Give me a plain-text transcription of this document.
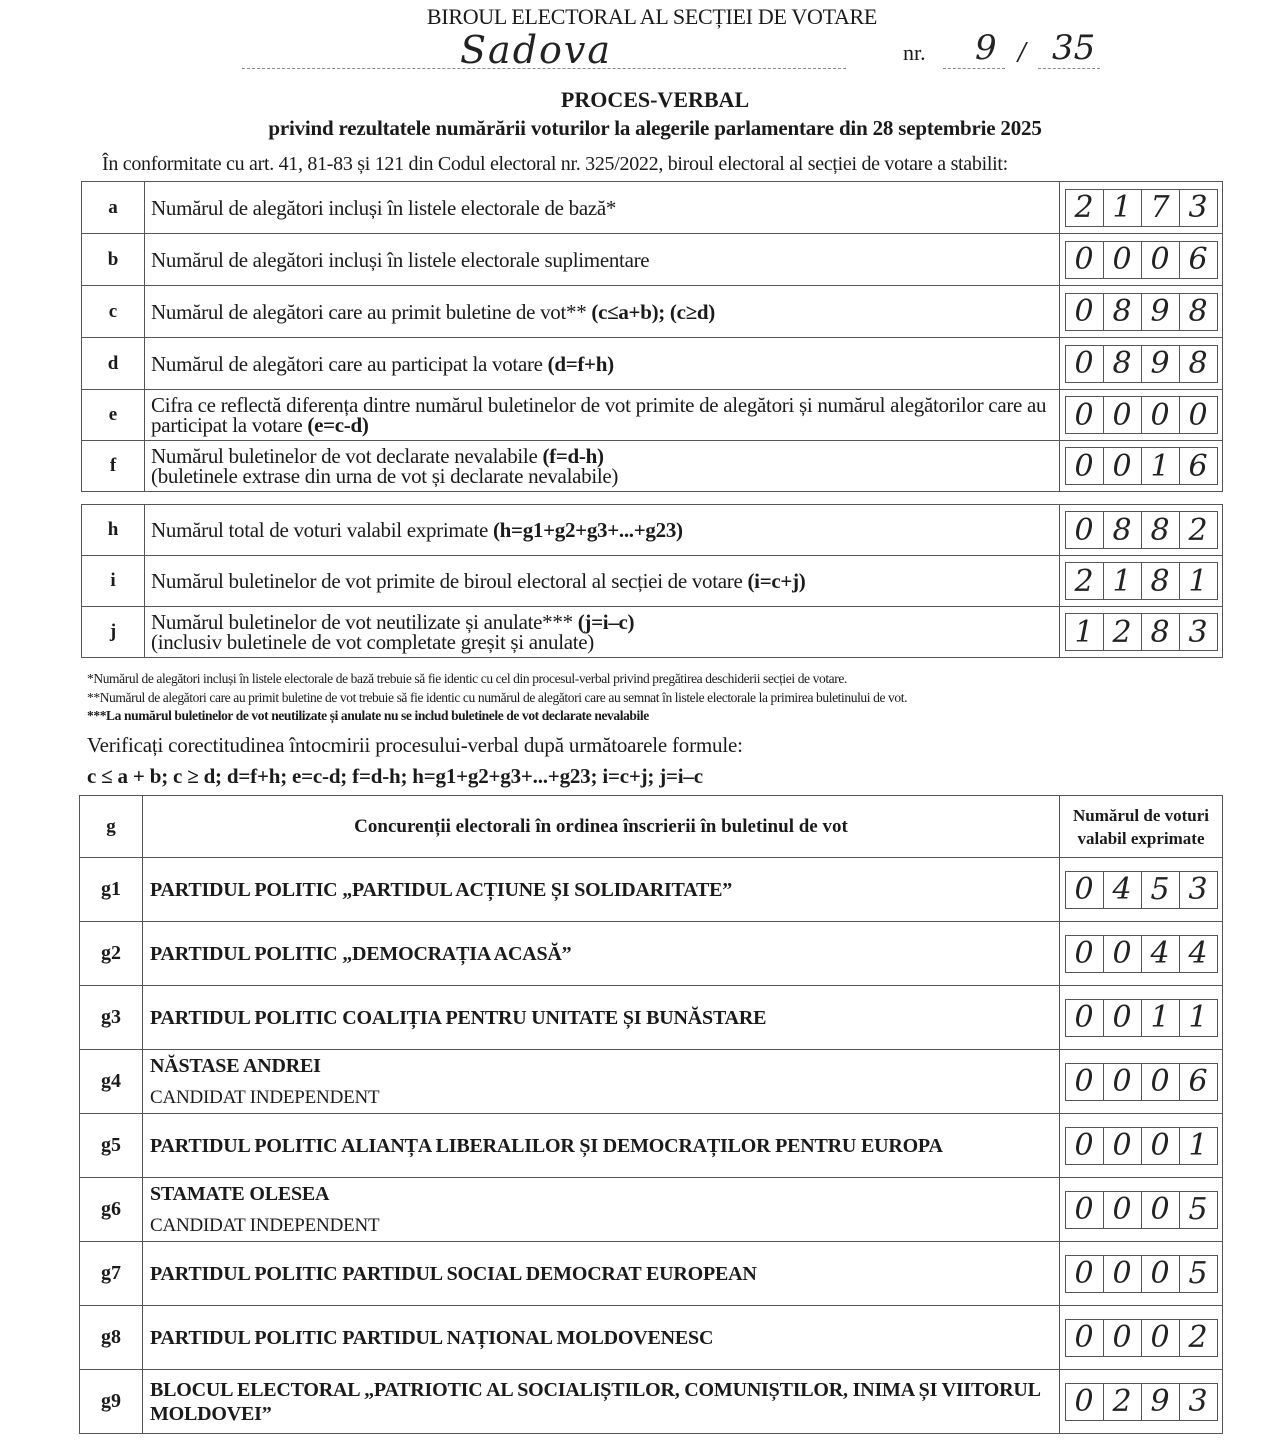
BIROUL ELECTORAL AL SECȚIEI DE VOTARE
Sadova	nr. 9 / 35
PROCES-VERBAL
privind rezultatele numărării voturilor la alegerile parlamentare din 28 septembrie 2025
În conformitate cu art. 41, 81-83 și 121 din Codul electoral nr. 325/2022, biroul electoral al secției de votare a stabilit:
a	Numărul de alegători incluși în listele electorale de bază*	2 1 7 3

b	Numărul de alegători incluși în listele electorale suplimentare	0 0 0 6

c	Numărul de alegători care au primit buletine de vot** (c≤a+b); (c≥d)	0 8 9 8

d	Numărul de alegători care au participat la votare (d=f+h)	0 8 9 8

e	Cifra ce reflectă diferența dintre numărul buletinelor de vot primite de alegători și numărul alegătorilor care au participat la votare (e=c-d)	0 0 0 0

f	Numărul buletinelor de vot declarate nevalabile (f=d-h)
(buletinele extrase din urna de vot și declarate nevalabile)	0 0 1 6
h	Numărul total de voturi valabil exprimate (h=g1+g2+g3+...+g23)	0 8 8 2

i	Numărul buletinelor de vot primite de biroul electoral al secției de votare (i=c+j)	2 1 8 1

j	Numărul buletinelor de vot neutilizate și anulate*** (j=i–c)
(inclusiv buletinele de vot completate greșit și anulate)	1 2 8 3
*Numărul de alegători incluși în listele electorale de bază trebuie să fie identic cu cel din procesul-verbal privind pregătirea deschiderii secției de votare.
**Numărul de alegători care au primit buletine de vot trebuie să fie identic cu numărul de alegători care au semnat în listele electorale la primirea buletinului de vot.
***La numărul buletinelor de vot neutilizate și anulate nu se includ buletinele de vot declarate nevalabile
Verificați corectitudinea întocmirii procesului-verbal după următoarele formule:
c ≤ a + b; c ≥ d; d=f+h; e=c-d; f=d-h; h=g1+g2+g3+...+g23; i=c+j; j=i–c
g	Concurenții electorali în ordinea înscrierii în buletinul de vot	Numărul de voturi valabil exprimate
g1	PARTIDUL POLITIC „PARTIDUL ACȚIUNE ȘI SOLIDARITATE”	0 4 5 3

g2	PARTIDUL POLITIC „DEMOCRAȚIA ACASĂ”	0 0 4 4

g3	PARTIDUL POLITIC COALIȚIA PENTRU UNITATE ȘI BUNĂSTARE	0 0 1 1

g4	NĂSTASE ANDREI
CANDIDAT INDEPENDENT	0 0 0 6

g5	PARTIDUL POLITIC ALIANȚA LIBERALILOR ȘI DEMOCRAȚILOR PENTRU EUROPA	0 0 0 1

g6	STAMATE OLESEA
CANDIDAT INDEPENDENT	0 0 0 5

g7	PARTIDUL POLITIC PARTIDUL SOCIAL DEMOCRAT EUROPEAN	0 0 0 5

g8	PARTIDUL POLITIC PARTIDUL NAȚIONAL MOLDOVENESC	0 0 0 2

g9	BLOCUL ELECTORAL „PATRIOTIC AL SOCIALIȘTILOR, COMUNIȘTILOR, INIMA ȘI VIITORUL MOLDOVEI”	0 2 9 3
